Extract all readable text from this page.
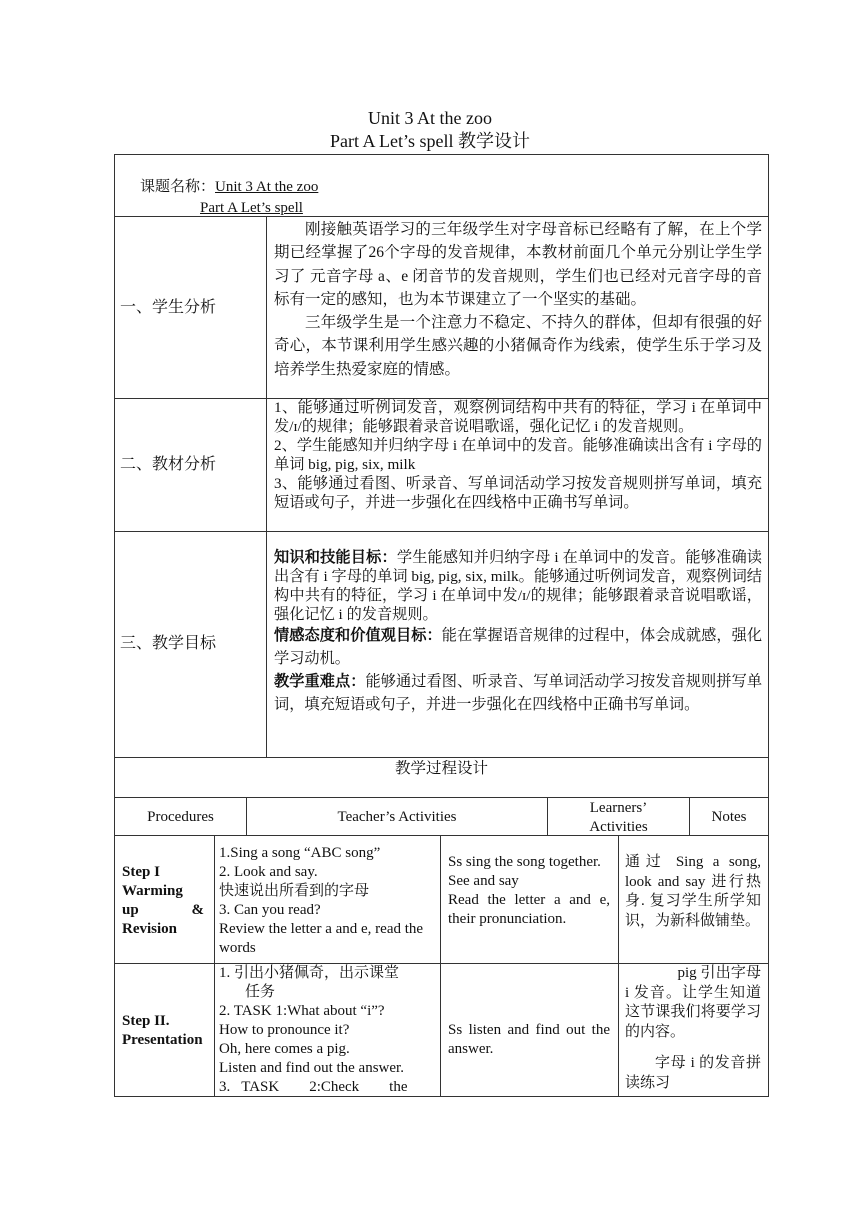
Unit 3 At the zoo
Part A Let’s spell 教学设计
课题名称：Unit 3 At the zoo
Part A Let’s spell
一、学生分析

刚接触英语学习的三年级学生对字母音标已经略有了解，在上个学期已经掌握了26个字母的发音规律，本教材前面几个单元分别让学生学习了 元音字母 a、e 闭音节的发音规则，学生们也已经对元音字母的音标有一定的感知，也为本节课建立了一个坚实的基础。

三年级学生是一个注意力不稳定、不持久的群体，但却有很强的好奇心，本节课利用学生感兴趣的小猪佩奇作为线索，使学生乐于学习及培养学生热爱家庭的情感。

二、教材分析

1、能够通过听例词发音，观察例词结构中共有的特征，学习 i 在单词中发/ɪ/的规律；能够跟着录音说唱歌谣，强化记忆 i 的发音规则。

2、学生能感知并归纳字母 i 在单词中的发音。能够准确读出含有 i 字母的单词 big, pig, six, milk

3、能够通过看图、听录音、写单词活动学习按发音规则拼写单词，填充短语或句子，并进一步强化在四线格中正确书写单词。

三、教学目标

知识和技能目标：学生能感知并归纳字母 i 在单词中的发音。能够准确读出含有 i 字母的单词 big, pig, six, milk。能够通过听例词发音，观察例词结构中共有的特征，学习 i 在单词中发/ɪ/的规律；能够跟着录音说唱歌谣，强化记忆 i 的发音规则。

情感态度和价值观目标：能在掌握语音规律的过程中，体会成就感，强化学习动机。

教学重难点：能够通过看图、听录音、写单词活动学习按发音规则拼写单词，填充短语或句子，并进一步强化在四线格中正确书写单词。

教学过程设计
Procedures	Teacher’s Activities
Learners’
Activities
Notes
Step I
Warming
up	&
Revision
1.Sing a song “ABC song”
2. Look and say.
快速说出所看到的字母
3. Can you read?
Review the letter a and e, read the
words
Ss sing the song together.
See and say
Read the letter a and e, their pronunciation.
通过 Sing a song, look and say 进行热身. 复习学生所学知识，为新科做铺垫。
Step II.
Presentation
1. 引出小猪佩奇，出示课堂
任务
2. TASK 1:What about “i”?
How to pronounce it?
Oh, here comes a pig.
Listen and find out the answer.
3.   TASK        2:Check        the
Ss listen and find out the answer.

pig 引出字母 i 发音。让学生知道这节课我们将要学习的内容。

字母 i 的发音拼读练习
